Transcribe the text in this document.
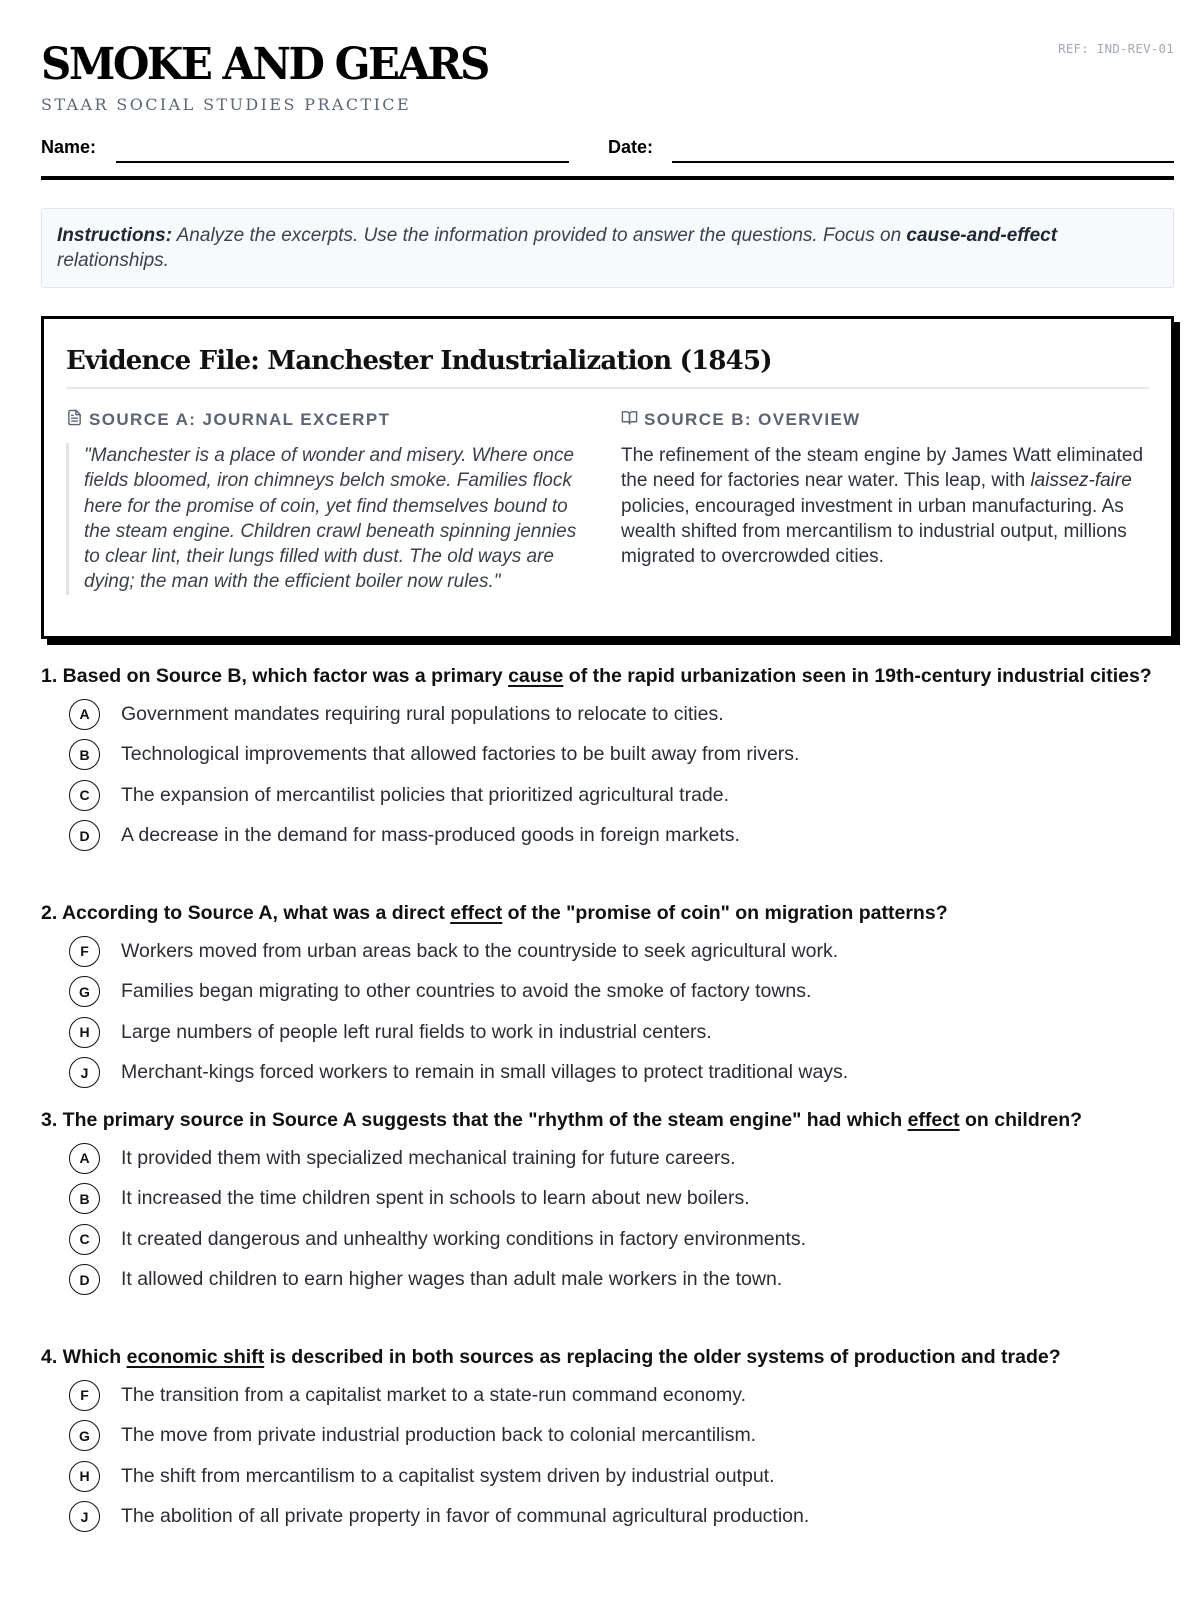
SMOKE AND GEARS
STAAR SOCIAL STUDIES PRACTICE
REF: IND-REV-01
Name:	Date:
Instructions: Analyze the excerpts. Use the information provided to answer the questions. Focus on cause-and-effect relationships.
Evidence File: Manchester Industrialization (1845)
SOURCE A: JOURNAL EXCERPT
"Manchester is a place of wonder and misery. Where once fields bloomed, iron chimneys belch smoke. Families flock here for the promise of coin, yet find themselves bound to the steam engine. Children crawl beneath spinning jennies to clear lint, their lungs filled with dust. The old ways are dying; the man with the efficient boiler now rules."
SOURCE B: OVERVIEW
The refinement of the steam engine by James Watt eliminated the need for factories near water. This leap, with laissez-faire policies, encouraged investment in urban manufacturing. As wealth shifted from mercantilism to industrial output, millions migrated to overcrowded cities.
1. Based on Source B, which factor was a primary cause of the rapid urbanization seen in 19th-century industrial cities?
A	Government mandates requiring rural populations to relocate to cities.
B	Technological improvements that allowed factories to be built away from rivers.
C	The expansion of mercantilist policies that prioritized agricultural trade.
D	A decrease in the demand for mass-produced goods in foreign markets.
2. According to Source A, what was a direct effect of the "promise of coin" on migration patterns?
F	Workers moved from urban areas back to the countryside to seek agricultural work.
G	Families began migrating to other countries to avoid the smoke of factory towns.
H	Large numbers of people left rural fields to work in industrial centers.
J	Merchant-kings forced workers to remain in small villages to protect traditional ways.
3. The primary source in Source A suggests that the "rhythm of the steam engine" had which effect on children?
A	It provided them with specialized mechanical training for future careers.
B	It increased the time children spent in schools to learn about new boilers.
C	It created dangerous and unhealthy working conditions in factory environments.
D	It allowed children to earn higher wages than adult male workers in the town.
4. Which economic shift is described in both sources as replacing the older systems of production and trade?
F	The transition from a capitalist market to a state-run command economy.
G	The move from private industrial production back to colonial mercantilism.
H	The shift from mercantilism to a capitalist system driven by industrial output.
J	The abolition of all private property in favor of communal agricultural production.
